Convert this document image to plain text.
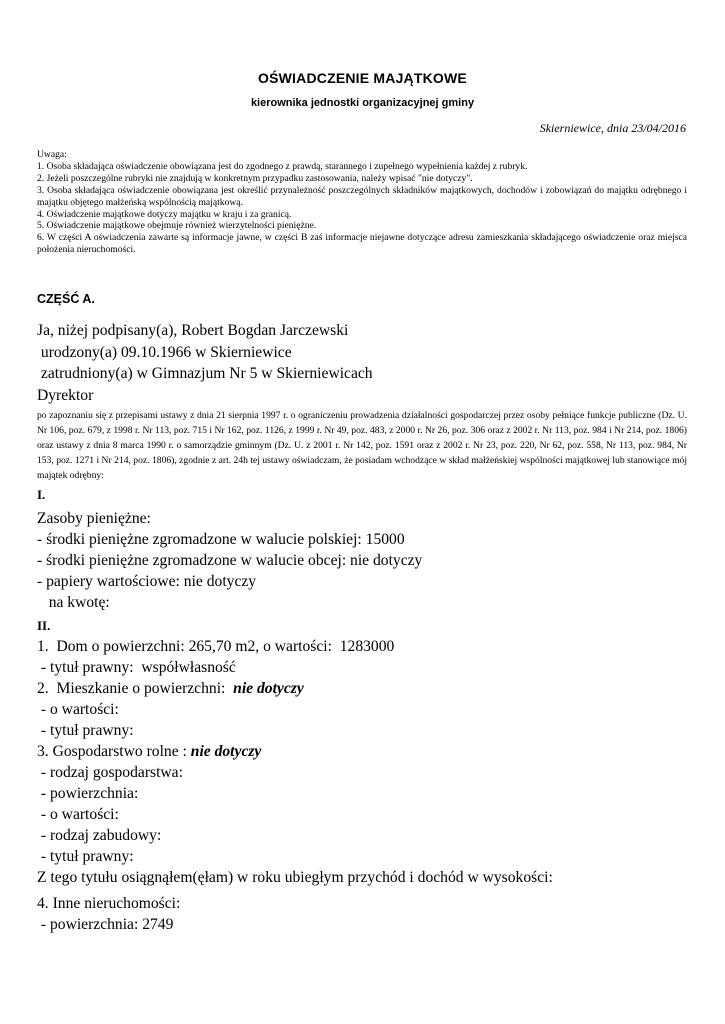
OŚWIADCZENIE MAJĄTKOWE
kierownika jednostki organizacyjnej gminy
Skierniewice, dnia 23/04/2016
Uwaga:
1. Osoba składająca oświadczenie obowiązana jest do zgodnego z prawdą, starannego i zupełnego wypełnienia każdej z rubryk.
2. Jeżeli poszczególne rubryki nie znajdują w konkretnym przypadku zastosowania, należy wpisać "nie dotyczy".
3. Osoba składająca oświadczenie obowiązana jest określić przynależność poszczególnych składników majątkowych, dochodów i zobowiązań do majątku odrębnego i majątku objętego małżeńską wspólnością majątkową.
4. Oświadczenie majątkowe dotyczy majątku w kraju i za granicą.
5. Oświadczenie majątkowe obejmuje również wierzytelności pieniężne.
6. W części A oświadczenia zawarte są informacje jawne, w części B zaś informacje niejawne dotyczące adresu zamieszkania składającego oświadczenie oraz miejsca położenia nieruchomości.
CZĘŚĆ A.
Ja, niżej podpisany(a), Robert Bogdan Jarczewski
urodzony(a) 09.10.1966 w Skierniewice
zatrudniony(a) w Gimnazjum Nr 5 w Skierniewicach
Dyrektor
po zapoznaniu się z przepisami ustawy z dnia 21 sierpnia 1997 r. o ograniczeniu prowadzenia działalności gospodarczej przez osoby pełniące funkcje publiczne (Dz. U. Nr 106, poz. 679, z 1998 r. Nr 113, poz. 715 i Nr 162, poz. 1126, z 1999 r. Nr 49, poz. 483, z 2000 r. Nr 26, poz. 306 oraz z 2002 r. Nr 113, poz. 984 i Nr 214, poz. 1806) oraz ustawy z dnia 8 marca 1990 r. o samorządzie gminnym (Dz. U. z 2001 r. Nr 142, poz. 1591 oraz z 2002 r. Nr 23, poz. 220, Nr 62, poz. 558, Nr 113, poz. 984, Nr 153, poz. 1271 i Nr 214, poz. 1806), zgodnie z art. 24h tej ustawy oświadczam, że posiadam wchodzące w skład małżeńskiej wspólności majątkowej lub stanowiące mój majątek odrębny:
I.
Zasoby pieniężne:
- środki pieniężne zgromadzone w walucie polskiej: 15000
- środki pieniężne zgromadzone w walucie obcej: nie dotyczy
- papiery wartościowe: nie dotyczy
na kwotę:
II.
1.  Dom o powierzchni: 265,70 m2, o wartości:  1283000
- tytuł prawny:  współwłasność
2.  Mieszkanie o powierzchni:  nie dotyczy
- o wartości:
- tytuł prawny:
3. Gospodarstwo rolne : nie dotyczy
- rodzaj gospodarstwa:
- powierzchnia:
- o wartości:
- rodzaj zabudowy:
- tytuł prawny:
Z tego tytułu osiągnąłem(ęłam) w roku ubiegłym przychód i dochód w wysokości:
4. Inne nieruchomości:
- powierzchnia: 2749
